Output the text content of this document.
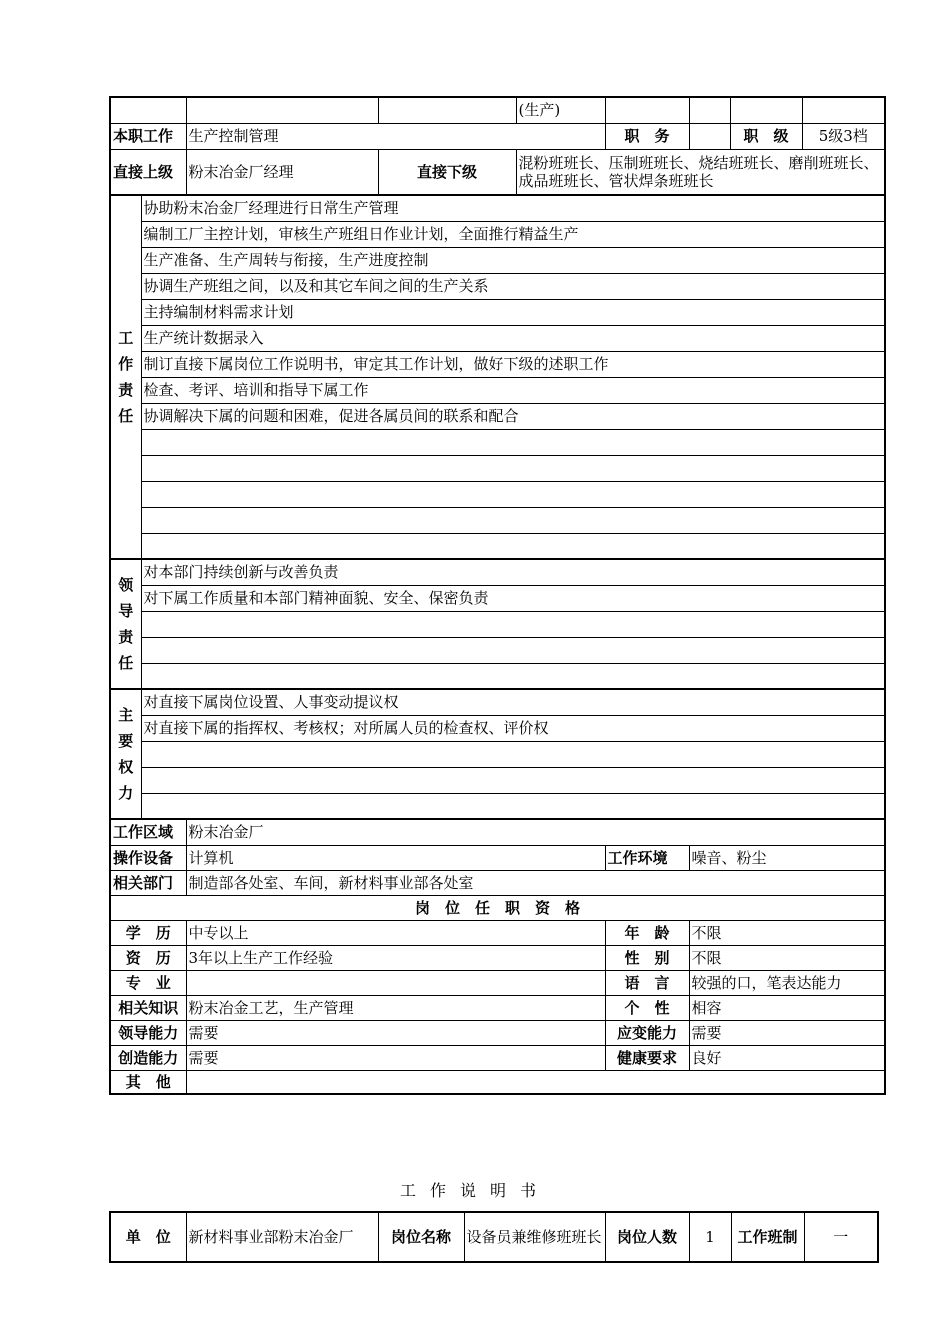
				(生产)				
本职工作		生产控制管理			职　务		职　级	5级3档
直接上级		粉末冶金厂经理	直接下级	混粉班班长、压制班班长、烧结班班长、磨削班班长、成品班班长、管状焊条班班长				

工
作
责
任	协助粉末冶金厂经理进行日常生产管理							
	编制工厂主控计划，审核生产班组日作业计划，全面推行精益生产							
	生产准备、生产周转与衔接，生产进度控制							
	协调生产班组之间，以及和其它车间之间的生产关系							
	主持编制材料需求计划							
	生产统计数据录入							
	制订直接下属岗位工作说明书，审定其工作计划，做好下级的述职工作							
	检查、考评、培训和指导下属工作							
	协调解决下属的问题和困难，促进各属员间的联系和配合							

领
导
责
任	对本部门持续创新与改善负责							
	对下属工作质量和本部门精神面貌、安全、保密负责							

主
要
权
力	对直接下属岗位设置、人事变动提议权							
	对直接下属的指挥权、考核权；对所属人员的检查权、评价权							

工作区域		粉末冶金厂						
操作设备		计算机			工作环境	噪音、粉尘		
相关部门		制造部各处室、车间，新材料事业部各处室						
岗　位　任　职　资　格								
学　历		中专以上			年　龄	不限		
资　历		3年以上生产工作经验			性　别	不限		
专　业					语　言	较强的口，笔表达能力		
相关知识		粉末冶金工艺，生产管理			个　性	相容		
领导能力		需要			应变能力	需要		
创造能力		需要			健康要求	良好		
其　他								
工作说明书
单　位	新材料事业部粉末冶金厂	岗位名称	设备员兼维修班班长	岗位人数	1	工作班制	一
